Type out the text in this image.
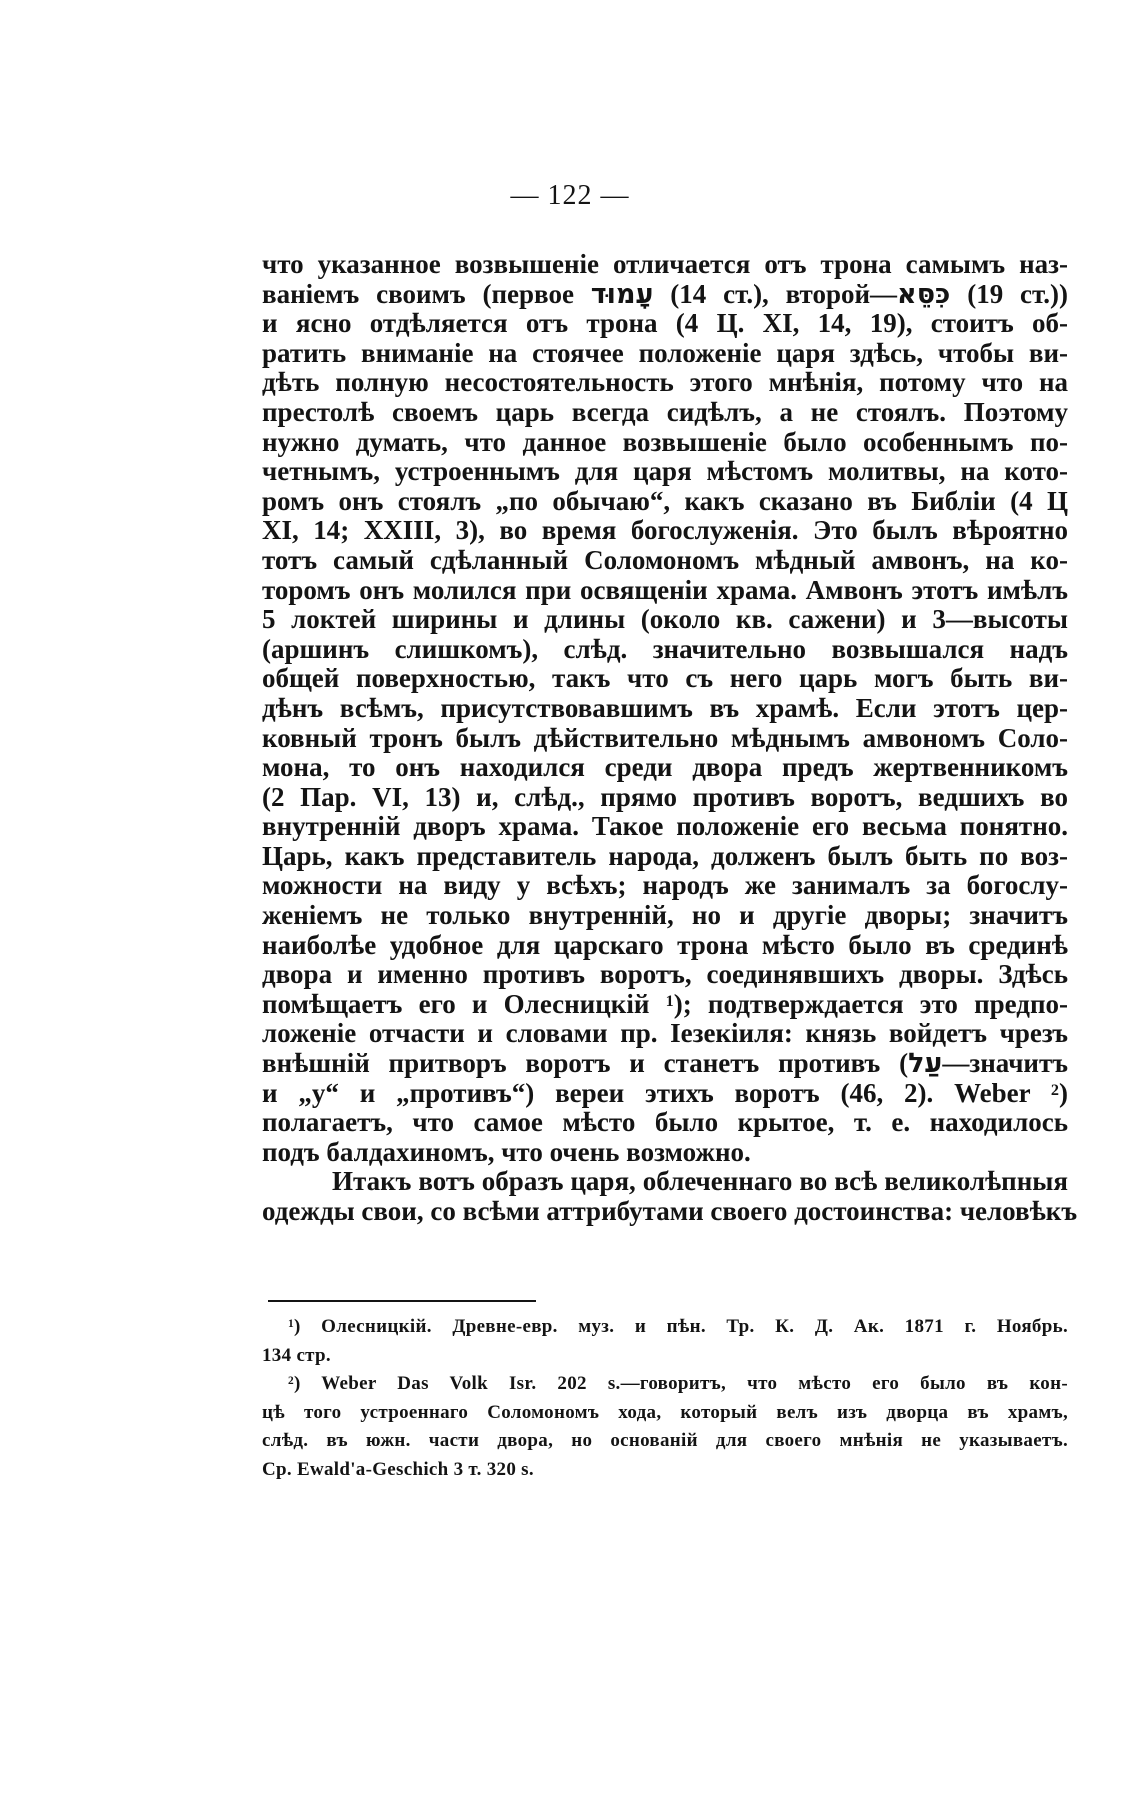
— 122 —
что указанное возвышеніе отличается отъ трона самымъ наз-
ваніемъ своимъ (первое עָמוּד (14 ст.), второй—כִּסֵּא (19 ст.))
и ясно отдѣляется отъ трона (4 Ц. XI, 14, 19), стоитъ об-
ратить вниманіе на стоячее положеніе царя здѣсь, чтобы ви-
дѣть полную несостоятельность этого мнѣнія, потому что на
престолѣ своемъ царь всегда сидѣлъ, а не стоялъ. Поэтому
нужно думать, что данное возвышеніе было особеннымъ по-
четнымъ, устроеннымъ для царя мѣстомъ молитвы, на кото-
ромъ онъ стоялъ „по обычаю“, какъ сказано въ Библіи (4 Ц
XI, 14; XXIII, 3), во время богослуженія. Это былъ вѣроятно
тотъ самый сдѣланный Соломономъ мѣдный амвонъ, на ко-
торомъ онъ молился при освященіи храма. Амвонъ этотъ имѣлъ
5 локтей ширины и длины (около кв. сажени) и 3—высоты
(аршинъ слишкомъ), слѣд. значительно возвышался надъ
общей поверхностью, такъ что съ него царь могъ быть ви-
дѣнъ всѣмъ, присутствовавшимъ въ храмѣ. Если этотъ цер-
ковный тронъ былъ дѣйствительно мѣднымъ амвономъ Соло-
мона, то онъ находился среди двора предъ жертвенникомъ
(2 Пар. VI, 13) и, слѣд., прямо противъ воротъ, ведшихъ во
внутренній дворъ храма. Такое положеніе его весьма понятно.
Царь, какъ представитель народа, долженъ былъ быть по воз-
можности на виду у всѣхъ; народъ же занималъ за богослу-
женіемъ не только внутренній, но и другіе дворы; значитъ
наиболѣе удобное для царскаго трона мѣсто было въ срединѣ
двора и именно противъ воротъ, соединявшихъ дворы. Здѣсь
помѣщаетъ его и Олесницкій $^1$); подтверждается это предпо-
ложеніе отчасти и словами пр. Іезекіиля: князь войдетъ чрезъ
внѣшній притворъ воротъ и станетъ противъ (עַל—значитъ
и „у“ и „противъ“) вереи этихъ воротъ (46, 2). Weber $^2$)
полагаетъ, что самое мѣсто было крытое, т. е. находилось
подъ балдахиномъ, что очень возможно.
Итакъ вотъ образъ царя, облеченнаго во всѣ великолѣпныя
одежды свои, со всѣми аттрибутами своего достоинства: человѣкъ
$^1$) Олесницкій. Древне-евр. муз. и пѣн. Тр. К. Д. Ак. 1871 г. Ноябрь.
134 стр.
$^2$) Weber Das Volk Isr. 202 s.—говоритъ, что мѣсто его было въ кон-
цѣ того устроеннаго Соломономъ хода, который велъ изъ дворца въ храмъ,
слѣд. въ южн. части двора, но основаній для своего мнѣнія не указываетъ.
Ср. Ewald'a-Geschich 3 т. 320 s.
